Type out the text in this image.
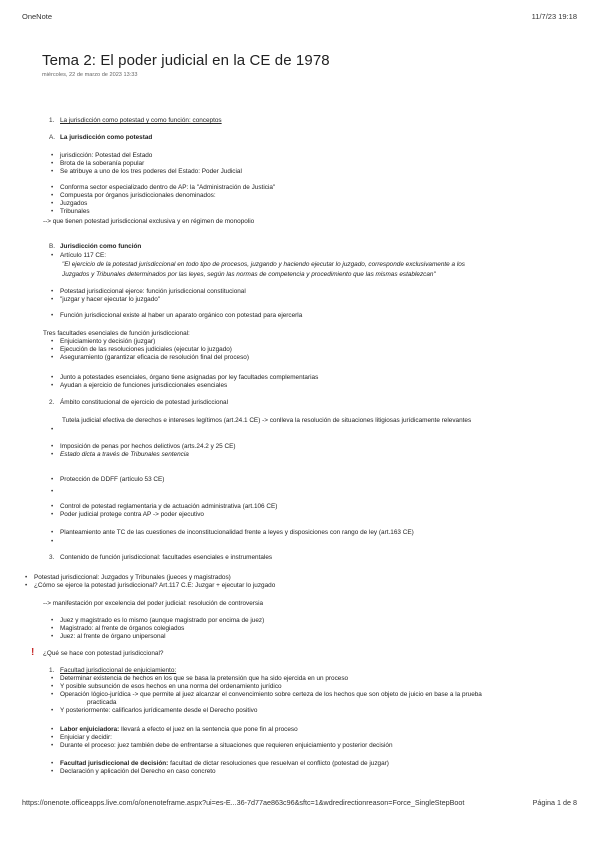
OneNote	11/7/23 19:18
Tema 2: El poder judicial en la CE de 1978
miércoles, 22 de marzo de 2023 13:33
1. La jurisdicción como potestad y como función: conceptos
A. La jurisdicción como potestad
• jurisdicción: Potestad del Estado
• Brota de la soberanía popular
• Se atribuye a uno de los tres poderes del Estado: Poder Judicial
• Conforma sector especializado dentro de AP: la "Administración de Justicia"
• Compuesta por órganos jurisdiccionales denominados:
• Juzgados
• Tribunales
--> que tienen potestad jurisdiccional exclusiva y en régimen de monopolio
B. Jurisdicción como función
• Artículo 117 CE:
"El ejercicio de la potestad jurisdiccional en todo tipo de procesos, juzgando y haciendo ejecutar lo juzgado, corresponde exclusivamente a los
Juzgados y Tribunales determinados por las leyes, según las normas de competencia y procedimiento que las mismas establezcan"
• Potestad jurisdiccional ejerce: función jurisdiccional constitucional
• "juzgar y hacer ejecutar lo juzgado"
• Función jurisdiccional existe al haber un aparato orgánico con potestad para ejercerla
Tres facultades esenciales de función jurisdiccional:
• Enjuiciamiento y decisión (juzgar)
• Ejecución de las resoluciones judiciales (ejecutar lo juzgado)
• Aseguramiento (garantizar eficacia de resolución final del proceso)
• Junto a potestades esenciales, órgano tiene asignadas por ley facultades complementarias
• Ayudan a ejercicio de funciones jurisdiccionales esenciales
2. Ámbito constitucional de ejercicio de potestad jurisdiccional
Tutela judicial efectiva de derechos e intereses legítimos (art.24.1 CE) -> conlleva la resolución de situaciones litigiosas jurídicamente relevantes
•
• Imposición de penas por hechos delictivos (arts.24.2 y 25 CE)
• Estado dicta a través de Tribunales sentencia
• Protección de DDFF (artículo 53 CE)
•
• Control de potestad reglamentaria y de actuación administrativa (art.106 CE)
• Poder judicial protege contra AP -> poder ejecutivo
• Planteamiento ante TC de las cuestiones de inconstitucionalidad frente a leyes y disposiciones con rango de ley (art.163 CE)
•
3. Contenido de función jurisdiccional: facultades esenciales e instrumentales
• Potestad jurisdiccional: Juzgados y Tribunales (jueces y magistrados)
• ¿Cómo se ejerce la potestad jurisdiccional? Art.117 C.E: Juzgar + ejecutar lo juzgado
--> manifestación por excelencia del poder judicial: resolución de controversia
• Juez y magistrado es lo mismo (aunque magistrado por encima de juez)
• Magistrado: al frente de órganos colegiados
• Juez: al frente de órgano unipersonal
¿Qué se hace con potestad jurisdiccional?
1. Facultad jurisdiccional de enjuiciamiento:
• Determinar existencia de hechos en los que se basa la pretensión que ha sido ejercida en un proceso
• Y posible subsunción de esos hechos en una norma del ordenamiento jurídico
• Operación lógico-jurídica -> que permite al juez alcanzar el convencimiento sobre certeza de los hechos que son objeto de juicio en base a la prueba
practicada
• Y posteriormente: calificarlos jurídicamente desde el Derecho positivo
• Labor enjuiciadora: llevará a efecto el juez en la sentencia que pone fin al proceso
• Enjuiciar y decidir:
• Durante el proceso: juez también debe de enfrentarse a situaciones que requieren enjuiciamiento y posterior decisión
• Facultad jurisdiccional de decisión: facultad de dictar resoluciones que resuelvan el conflicto (potestad de juzgar)
• Declaración y aplicación del Derecho en caso concreto
!
https://onenote.officeapps.live.com/o/onenoteframe.aspx?ui=es-E...36-7d77ae863c96&sftc=1&wdredirectionreason=Force_SingleStepBoot	Página 1 de 8
